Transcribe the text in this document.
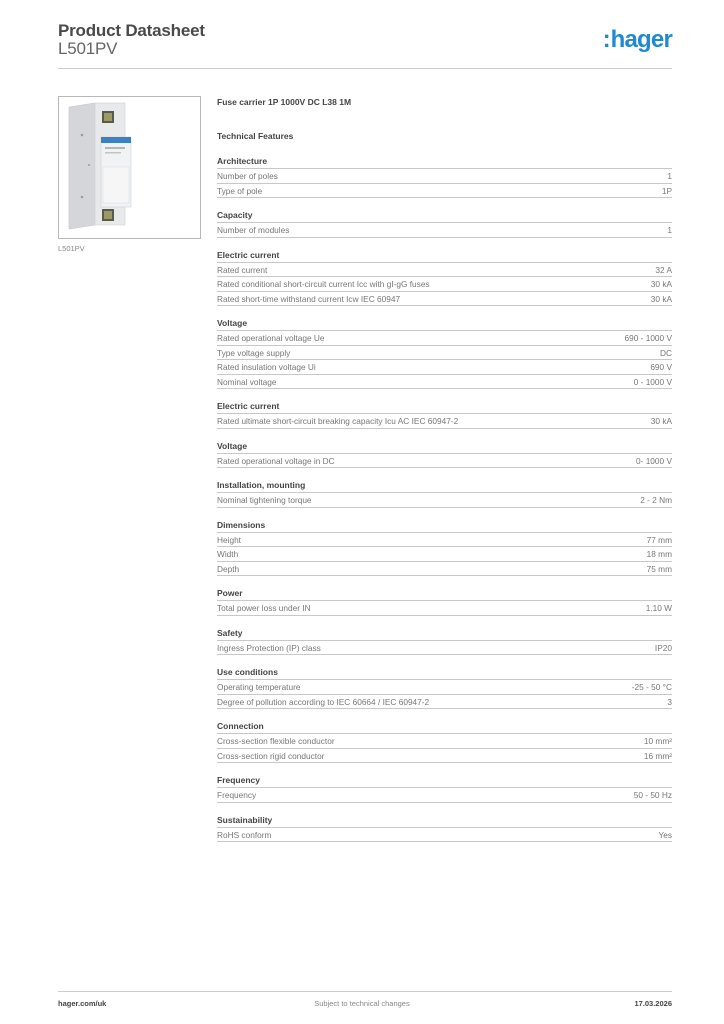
Product Datasheet
L501PV	:hager
L501PV
Fuse carrier 1P 1000V DC L38 1M
Technical Features
Architecture
Number of poles	1
Type of pole	1P
Capacity
Number of modules	1
Electric current
Rated current	32 A
Rated conditional short-circuit current Icc with gI-gG fuses	30 kA
Rated short-time withstand current Icw IEC 60947	30 kA
Voltage
Rated operational voltage Ue	690 - 1000 V
Type voltage supply	DC
Rated insulation voltage Ui	690 V
Nominal voltage	0 - 1000 V
Electric current
Rated ultimate short-circuit breaking capacity Icu AC IEC 60947-2	30 kA
Voltage
Rated operational voltage in DC	0- 1000 V
Installation, mounting
Nominal tightening torque	2 - 2 Nm
Dimensions
Height	77 mm
Width	18 mm
Depth	75 mm
Power
Total power loss under IN	1.10 W
Safety
Ingress Protection (IP) class	IP20
Use conditions
Operating temperature	-25 - 50 °C
Degree of pollution according to IEC 60664 / IEC 60947-2	3
Connection
Cross-section flexible conductor	10 mm²
Cross-section rigid conductor	16 mm²
Frequency
Frequency	50 - 50 Hz
Sustainability
RoHS conform	Yes
hager.com/uk	Subject to technical changes	17.03.2026
